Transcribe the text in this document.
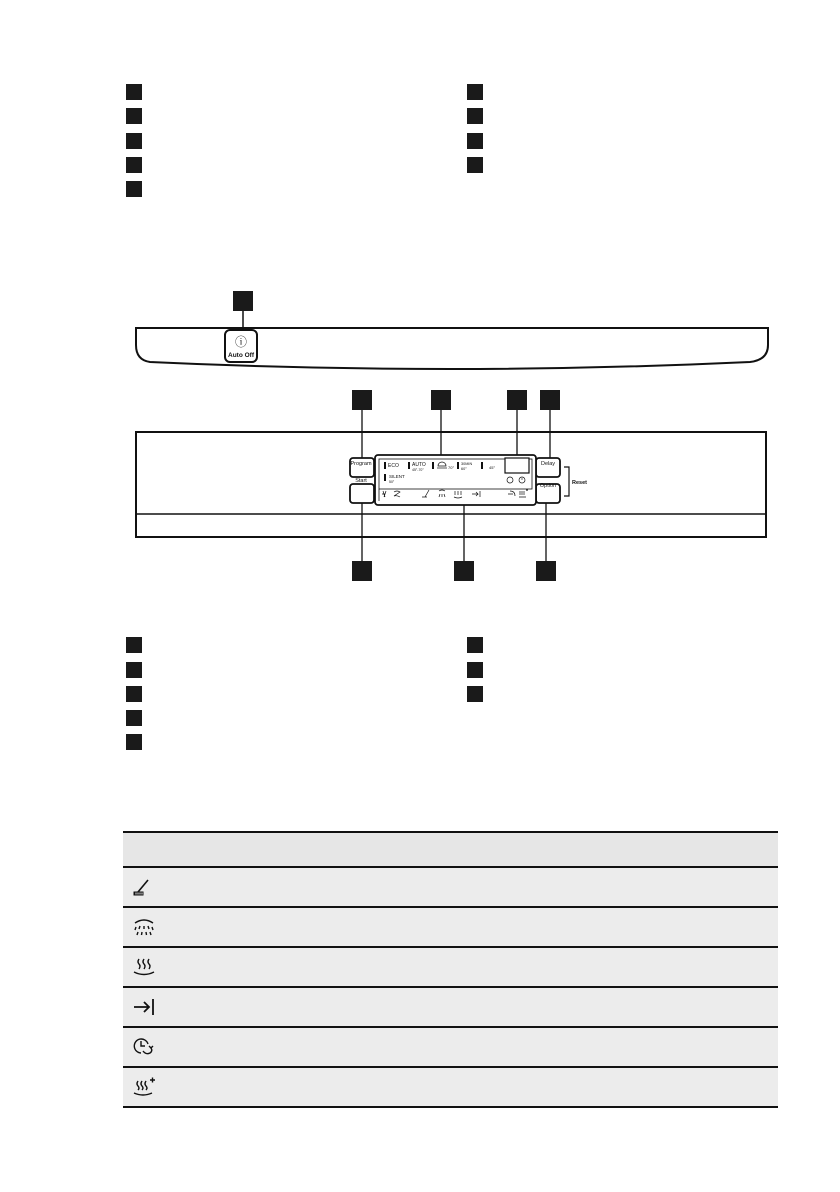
ⓘ
Auto Off
Program
Start
Delay
Option	Reset
ECO	AUTO
45°-70°	70°
30MIN
60°	45°
SILENT
50°
